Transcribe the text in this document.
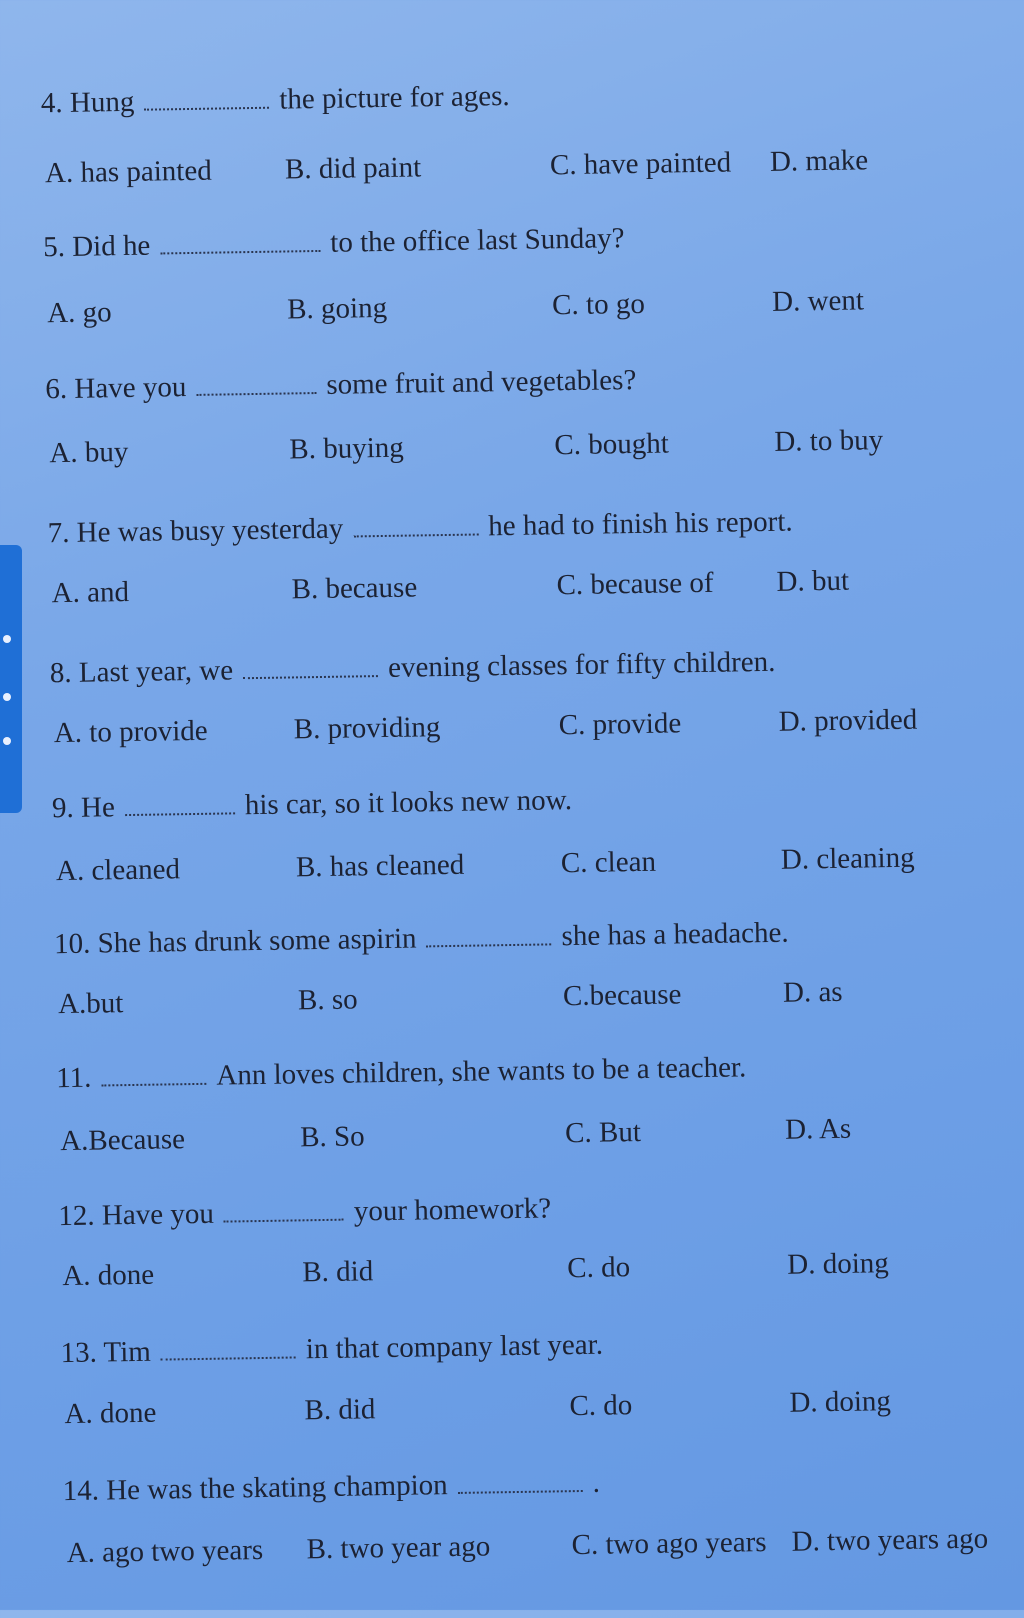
4. Hung	the picture for ages.
A. has painted	B. did paint	C. have painted D. make
5. Did he	to the office last Sunday?
A. go	B. going	C. to go	D. went
6. Have you	some fruit and vegetables?
A. buy	B. buying	C. bought	D. to buy
7. He was busy yesterday	he had to finish his report.
A. and	B. because	C. because of D. but
8. Last year, we	evening classes for fifty children.
A. to provide	B. providing	C. provide	D. provided
9. He	his car, so it looks new now.
A. cleaned	B. has cleaned	C. clean	D. cleaning
10. She has drunk some aspirin	she has a headache.
A.but	B. so	C.because	D. as
11.	Ann loves children, she wants to be a teacher.
A.Because	B. So	C. But	D. As
12. Have you	your homework?
A. done	B. did	C. do	D. doing
13. Tim	in that company last year.
A. done	B. did	C. do	D. doing
14. He was the skating champion	.
A. ago two years B. two year ago	C. two ago years D. two years ago
